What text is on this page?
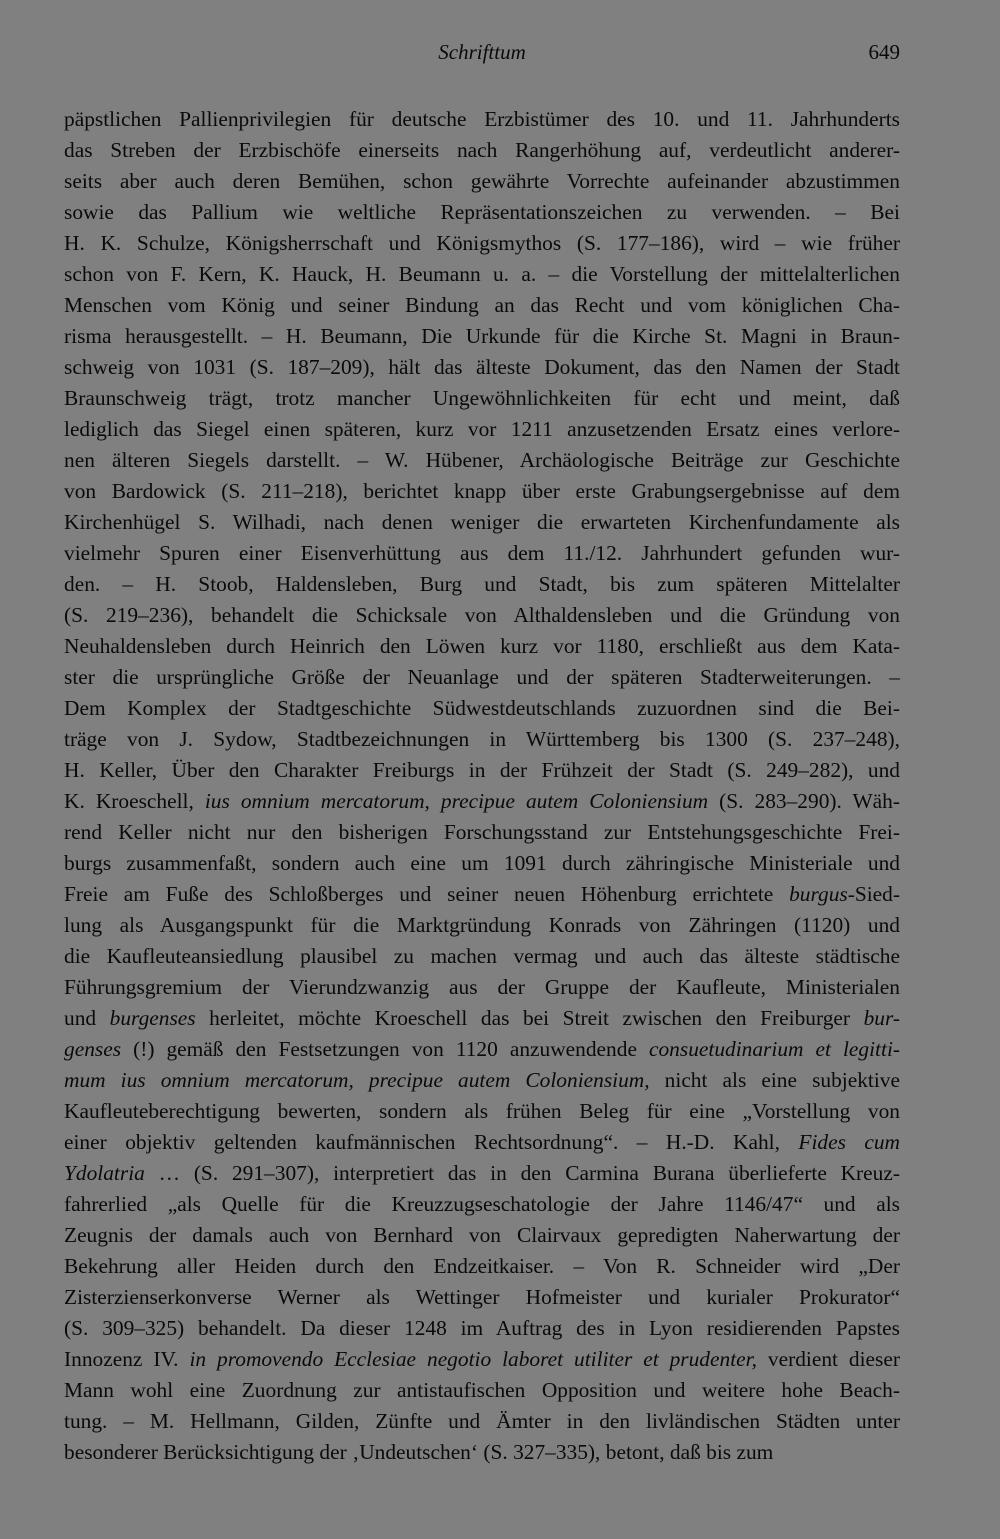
Schrifttum	649
päpstlichen Pallienprivilegien für deutsche Erzbistümer des 10. und 11. Jahrhunderts
das Streben der Erzbischöfe einerseits nach Rangerhöhung auf, verdeutlicht anderer-
seits aber auch deren Bemühen, schon gewährte Vorrechte aufeinander abzustimmen
sowie das Pallium wie weltliche Repräsentationszeichen zu verwenden. – Bei
H. K. Schulze, Königsherrschaft und Königsmythos (S. 177–186), wird – wie früher
schon von F. Kern, K. Hauck, H. Beumann u. a. – die Vorstellung der mittelalterlichen
Menschen vom König und seiner Bindung an das Recht und vom königlichen Cha-
risma herausgestellt. – H. Beumann, Die Urkunde für die Kirche St. Magni in Braun-
schweig von 1031 (S. 187–209), hält das älteste Dokument, das den Namen der Stadt
Braunschweig trägt, trotz mancher Ungewöhnlichkeiten für echt und meint, daß
lediglich das Siegel einen späteren, kurz vor 1211 anzusetzenden Ersatz eines verlore-
nen älteren Siegels darstellt. – W. Hübener, Archäologische Beiträge zur Geschichte
von Bardowick (S. 211–218), berichtet knapp über erste Grabungsergebnisse auf dem
Kirchenhügel S. Wilhadi, nach denen weniger die erwarteten Kirchenfundamente als
vielmehr Spuren einer Eisenverhüttung aus dem 11./12. Jahrhundert gefunden wur-
den. – H. Stoob, Haldensleben, Burg und Stadt, bis zum späteren Mittelalter
(S. 219–236), behandelt die Schicksale von Althaldensleben und die Gründung von
Neuhaldensleben durch Heinrich den Löwen kurz vor 1180, erschließt aus dem Kata-
ster die ursprüngliche Größe der Neuanlage und der späteren Stadterweiterungen. –
Dem Komplex der Stadtgeschichte Südwestdeutschlands zuzuordnen sind die Bei-
träge von J. Sydow, Stadtbezeichnungen in Württemberg bis 1300 (S. 237–248),
H. Keller, Über den Charakter Freiburgs in der Frühzeit der Stadt (S. 249–282), und
K. Kroeschell, ius omnium mercatorum, precipue autem Coloniensium (S. 283–290). Wäh-
rend Keller nicht nur den bisherigen Forschungsstand zur Entstehungsgeschichte Frei-
burgs zusammenfaßt, sondern auch eine um 1091 durch zähringische Ministeriale und
Freie am Fuße des Schloßberges und seiner neuen Höhenburg errichtete burgus-Sied-
lung als Ausgangspunkt für die Marktgründung Konrads von Zähringen (1120) und
die Kaufleuteansiedlung plausibel zu machen vermag und auch das älteste städtische
Führungsgremium der Vierundzwanzig aus der Gruppe der Kaufleute, Ministerialen
und burgenses herleitet, möchte Kroeschell das bei Streit zwischen den Freiburger bur-
genses (!) gemäß den Festsetzungen von 1120 anzuwendende consuetudinarium et legitti-
mum ius omnium mercatorum, precipue autem Coloniensium, nicht als eine subjektive
Kaufleuteberechtigung bewerten, sondern als frühen Beleg für eine „Vorstellung von
einer objektiv geltenden kaufmännischen Rechtsordnung“. – H.-D. Kahl, Fides cum
Ydolatria … (S. 291–307), interpretiert das in den Carmina Burana überlieferte Kreuz-
fahrerlied „als Quelle für die Kreuzzugseschatologie der Jahre 1146/47“ und als
Zeugnis der damals auch von Bernhard von Clairvaux gepredigten Naherwartung der
Bekehrung aller Heiden durch den Endzeitkaiser. – Von R. Schneider wird „Der
Zisterzienserkonverse Werner als Wettinger Hofmeister und kurialer Prokurator“
(S. 309–325) behandelt. Da dieser 1248 im Auftrag des in Lyon residierenden Papstes
Innozenz IV. in promovendo Ecclesiae negotio laboret utiliter et prudenter, verdient dieser
Mann wohl eine Zuordnung zur antistaufischen Opposition und weitere hohe Beach-
tung. – M. Hellmann, Gilden, Zünfte und Ämter in den livländischen Städten unter
besonderer Berücksichtigung der ‚Undeutschen‘ (S. 327–335), betont, daß bis zum
